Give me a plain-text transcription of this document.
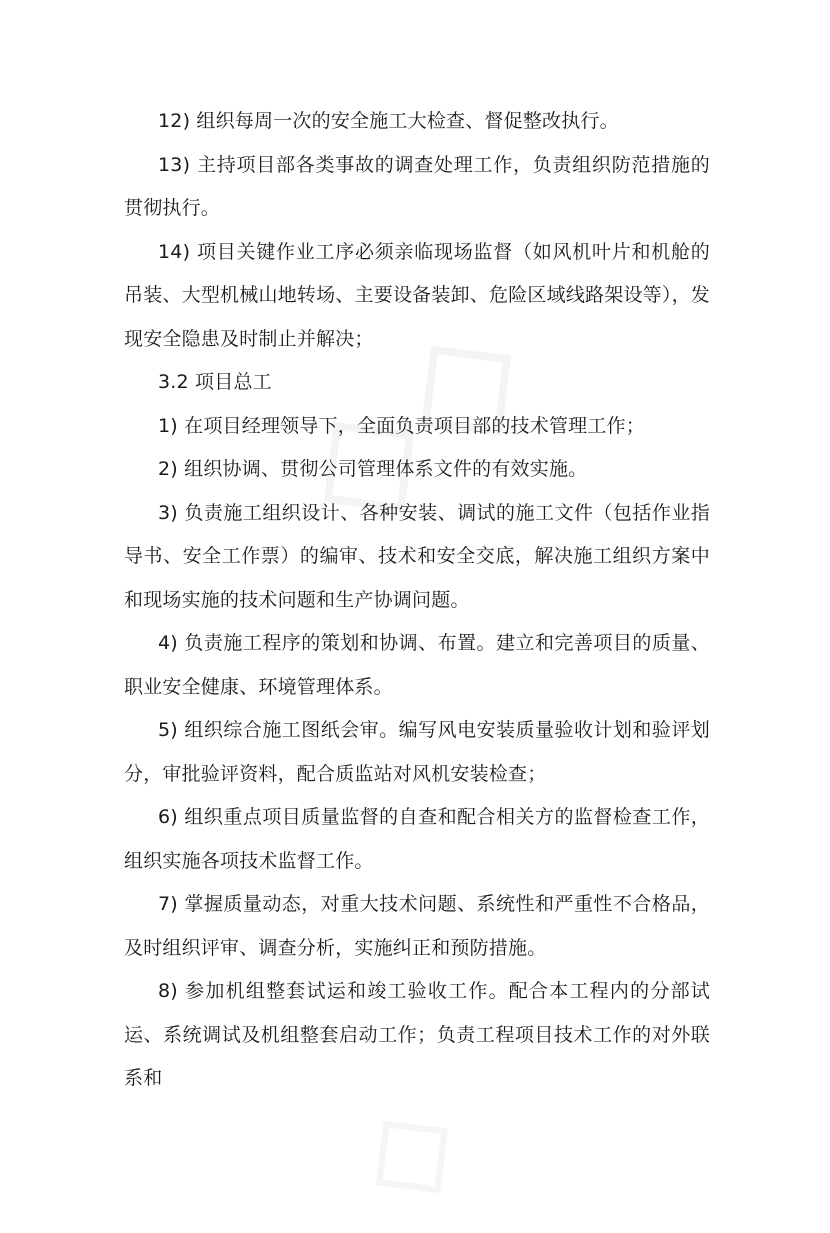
12) 组织每周一次的安全施工大检查、督促整改执行。

13) 主持项目部各类事故的调查处理工作，负责组织防范措施的贯彻执行。

14) 项目关键作业工序必须亲临现场监督（如风机叶片和机舱的吊装、大型机械山地转场、主要设备装卸、危险区域线路架设等），发现安全隐患及时制止并解决；

3.2 项目总工

1) 在项目经理领导下，全面负责项目部的技术管理工作；

2) 组织协调、贯彻公司管理体系文件的有效实施。

3) 负责施工组织设计、各种安装、调试的施工文件（包括作业指导书、安全工作票）的编审、技术和安全交底，解决施工组织方案中和现场实施的技术问题和生产协调问题。

4) 负责施工程序的策划和协调、布置。建立和完善项目的质量、职业安全健康、环境管理体系。

5) 组织综合施工图纸会审。编写风电安装质量验收计划和验评划分，审批验评资料，配合质监站对风机安装检查；

6) 组织重点项目质量监督的自查和配合相关方的监督检查工作，组织实施各项技术监督工作。

7) 掌握质量动态，对重大技术问题、系统性和严重性不合格品，及时组织评审、调查分析，实施纠正和预防措施。

8) 参加机组整套试运和竣工验收工作。配合本工程内的分部试运、系统调试及机组整套启动工作；负责工程项目技术工作的对外联系和
